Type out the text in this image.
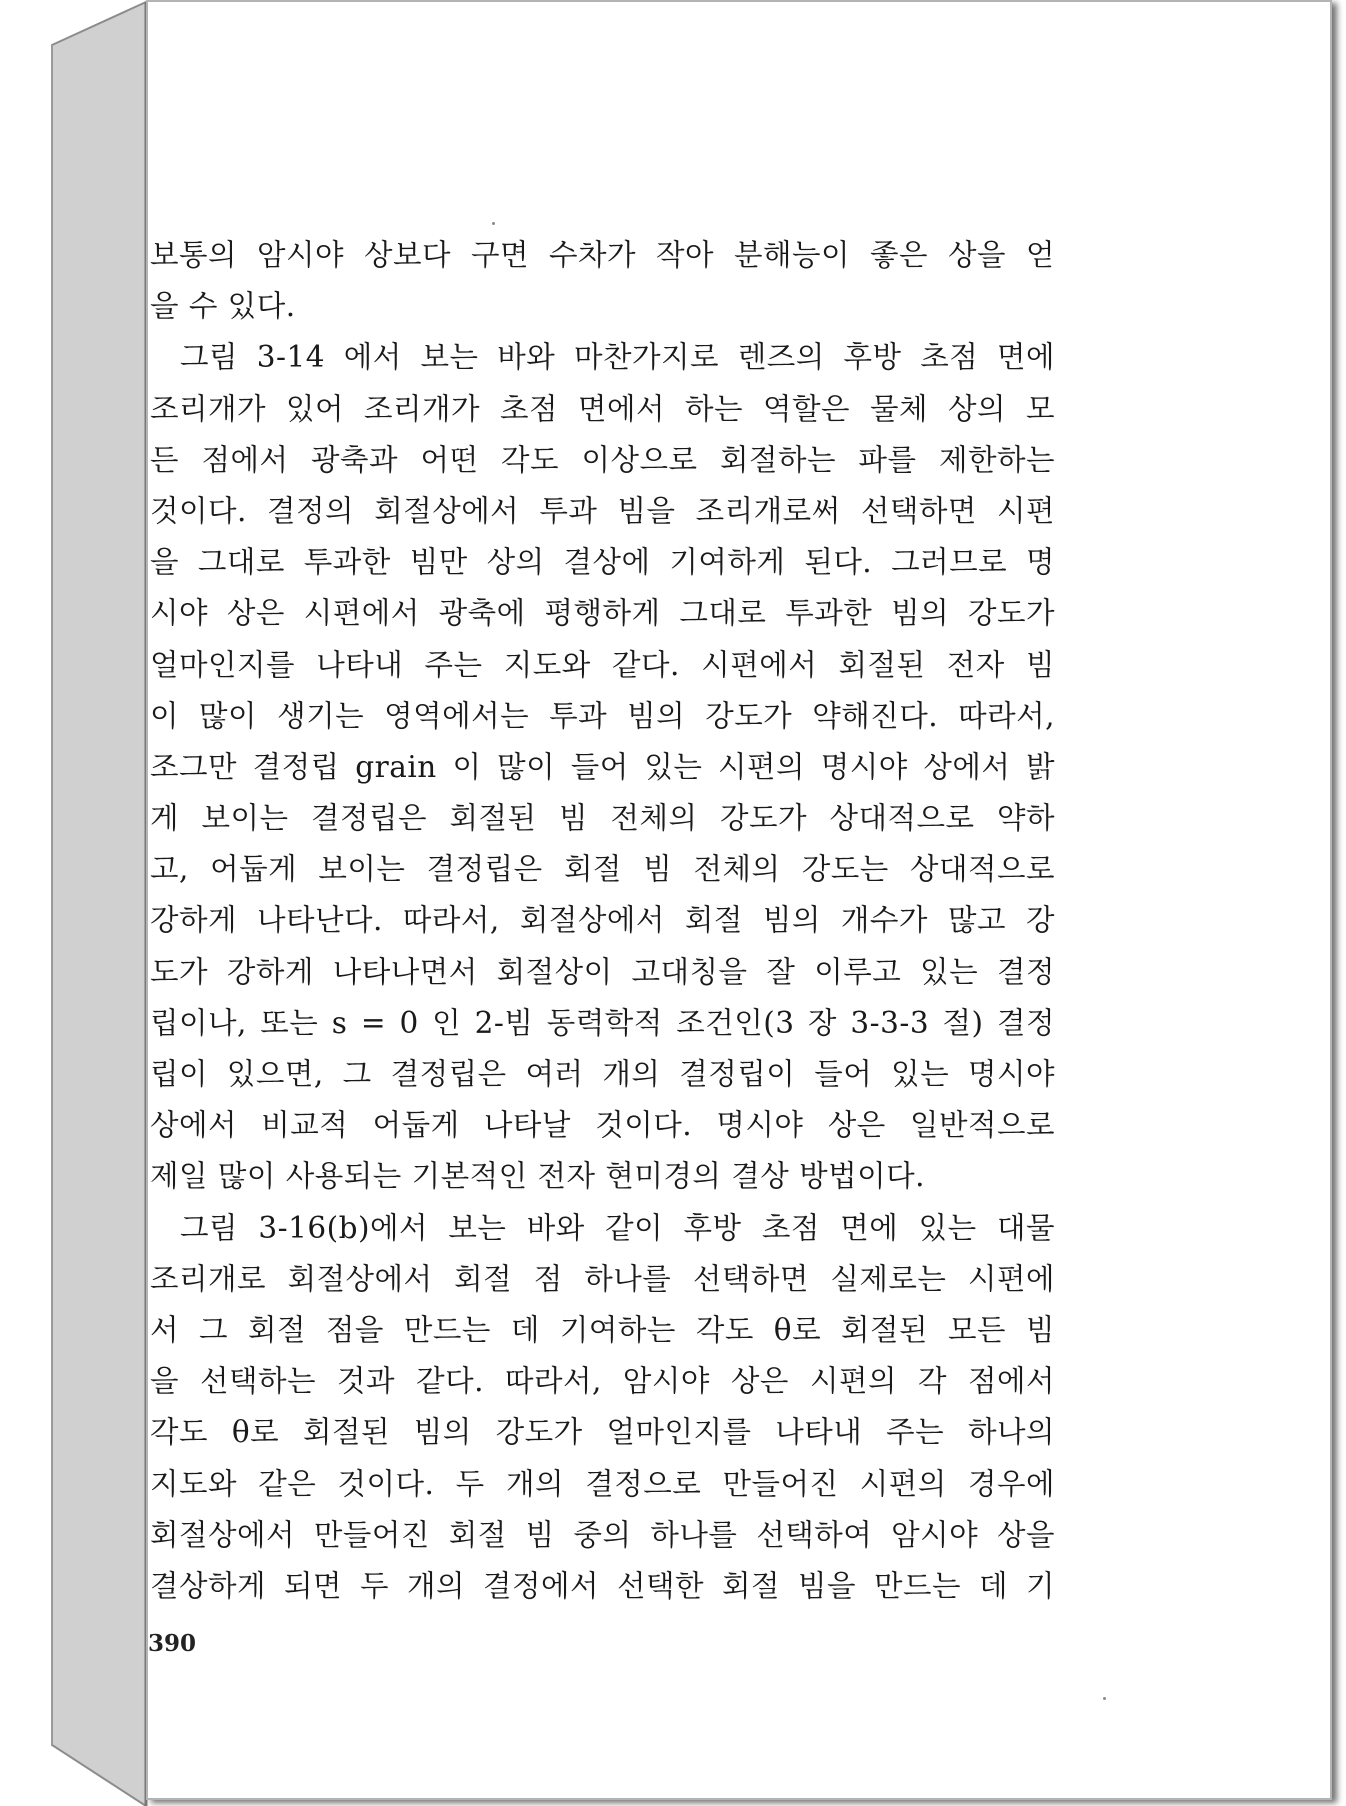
보통의 암시야 상보다 구면 수차가 작아 분해능이 좋은 상을 얻
을 수 있다.
그림 3-14 에서 보는 바와 마찬가지로 렌즈의 후방 초점 면에
조리개가 있어 조리개가 초점 면에서 하는 역할은 물체 상의 모
든 점에서 광축과 어떤 각도 이상으로 회절하는 파를 제한하는
것이다. 결정의 회절상에서 투과 빔을 조리개로써 선택하면 시편
을 그대로 투과한 빔만 상의 결상에 기여하게 된다. 그러므로 명
시야 상은 시편에서 광축에 평행하게 그대로 투과한 빔의 강도가
얼마인지를 나타내 주는 지도와 같다. 시편에서 회절된 전자 빔
이 많이 생기는 영역에서는 투과 빔의 강도가 약해진다. 따라서,
조그만 결정립 grain 이 많이 들어 있는 시편의 명시야 상에서 밝
게 보이는 결정립은 회절된 빔 전체의 강도가 상대적으로 약하
고, 어둡게 보이는 결정립은 회절 빔 전체의 강도는 상대적으로
강하게 나타난다. 따라서, 회절상에서 회절 빔의 개수가 많고 강
도가 강하게 나타나면서 회절상이 고대칭을 잘 이루고 있는 결정
립이나, 또는 s = 0 인 2-빔 동력학적 조건인(3 장 3-3-3 절) 결정
립이 있으면, 그 결정립은 여러 개의 결정립이 들어 있는 명시야
상에서 비교적 어둡게 나타날 것이다. 명시야 상은 일반적으로
제일 많이 사용되는 기본적인 전자 현미경의 결상 방법이다.
그림 3-16(b)에서 보는 바와 같이 후방 초점 면에 있는 대물
조리개로 회절상에서 회절 점 하나를 선택하면 실제로는 시편에
서 그 회절 점을 만드는 데 기여하는 각도 θ로 회절된 모든 빔
을 선택하는 것과 같다. 따라서, 암시야 상은 시편의 각 점에서
각도 θ로 회절된 빔의 강도가 얼마인지를 나타내 주는 하나의
지도와 같은 것이다. 두 개의 결정으로 만들어진 시편의 경우에
회절상에서 만들어진 회절 빔 중의 하나를 선택하여 암시야 상을
결상하게 되면 두 개의 결정에서 선택한 회절 빔을 만드는 데 기
390
